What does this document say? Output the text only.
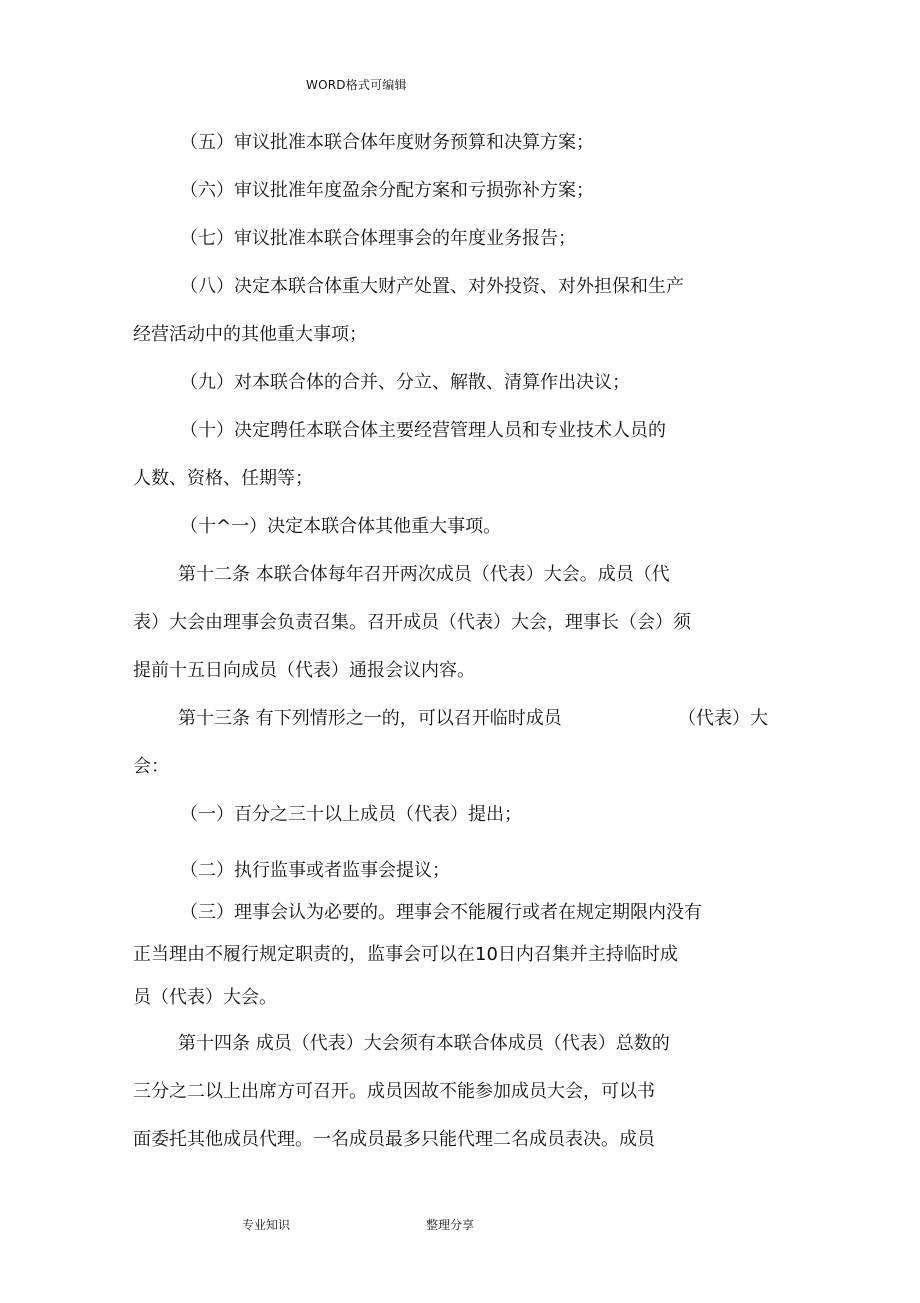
WORD格式可编辑
（五）审议批准本联合体年度财务预算和决算方案；
（六）审议批准年度盈余分配方案和亏损弥补方案；
（七）审议批准本联合体理事会的年度业务报告；
（八）决定本联合体重大财产处置、对外投资、对外担保和生产
经营活动中的其他重大事项；
（九）对本联合体的合并、分立、解散、清算作出决议；
（十）决定聘任本联合体主要经营管理人员和专业技术人员的
人数、资格、任期等；
（十^一）决定本联合体其他重大事项。
第十二条 本联合体每年召开两次成员（代表）大会。成员（代
表）大会由理事会负责召集。召开成员（代表）大会，理事长（会）须
提前十五日向成员（代表）通报会议内容。
第十三条 有下列情形之一的，可以召开临时成员	（代表）大
会：
（一）百分之三十以上成员（代表）提出；
（二）执行监事或者监事会提议；
（三）理事会认为必要的。理事会不能履行或者在规定期限内没有
正当理由不履行规定职责的，监事会可以在10日内召集并主持临时成
员（代表）大会。
第十四条 成员（代表）大会须有本联合体成员（代表）总数的
三分之二以上出席方可召开。成员因故不能参加成员大会，可以书
面委托其他成员代理。一名成员最多只能代理二名成员表决。成员
专业知识	整理分享
